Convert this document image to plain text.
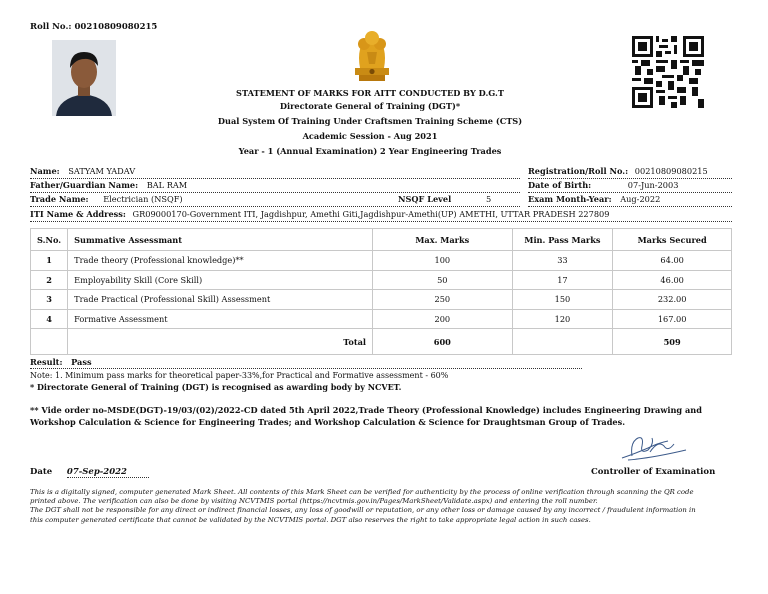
Roll No.: 00210809080215
STATEMENT OF MARKS FOR AITT CONDUCTED BY D.G.T
Directorate General of Training (DGT)*
Dual System Of Training Under Craftsmen Training Scheme (CTS)
Academic Session - Aug 2021
Year - 1 (Annual Examination) 2 Year Engineering Trades
Name: SATYAM YADAV	Registration/Roll No.: 00210809080215
Father/Guardian Name: BAL RAM	Date of Birth:	07-Jun-2003
Trade Name: Electrician (NSQF)	NSQF Level	5	Exam Month-Year: Aug-2022
ITI Name & Address: GR09000170-Government ITI, Jagdishpur, Amethi Giti,Jagdishpur-Amethi(UP) AMETHI, UTTAR PRADESH 227809
S.No.	Summative Assessmant	Max. Marks	Min. Pass Marks	Marks Secured
1	Trade theory (Professional knowledge)**	100	33	64.00
2	Employability Skill (Core Skill)	50	17	46.00
3	Trade Practical (Professional Skill) Assessment	250	150	232.00
4	Formative Assessment	200	120	167.00
	Total	600		509
Result: Pass
Note: 1. Minimum pass marks for theoretical paper-33%,for Practical and Formative assessment - 60%
* Directorate General of Training (DGT) is recognised as awarding body by NCVET.
** Vide order no-MSDE(DGT)-19/03/(02)/2022-CD dated 5th April 2022,Trade Theory (Professional Knowledge) includes Engineering Drawing and
Workshop Calculation & Science for Engineering Trades; and Workshop Calculation & Science for Draughtsman Group of Trades.
Date 07-Sep-2022	Controller of Examination
This is a digitally signed, computer generated Mark Sheet. All contents of this Mark Sheet can be verified for authenticity by the process of online verification through scanning the QR code
printed above. The verification can also be done by visiting NCVTMIS portal (https://ncvtmis.gov.in/Pages/MarkSheet/Validate.aspx) and entering the roll number.
The DGT shall not be responsible for any direct or indirect financial losses, any loss of goodwill or reputation, or any other loss or damage caused by any incorrect / fraudulent information in
this computer generated certificate that cannot be validated by the NCVTMIS portal. DGT also reserves the right to take appropriate legal action in such cases.
